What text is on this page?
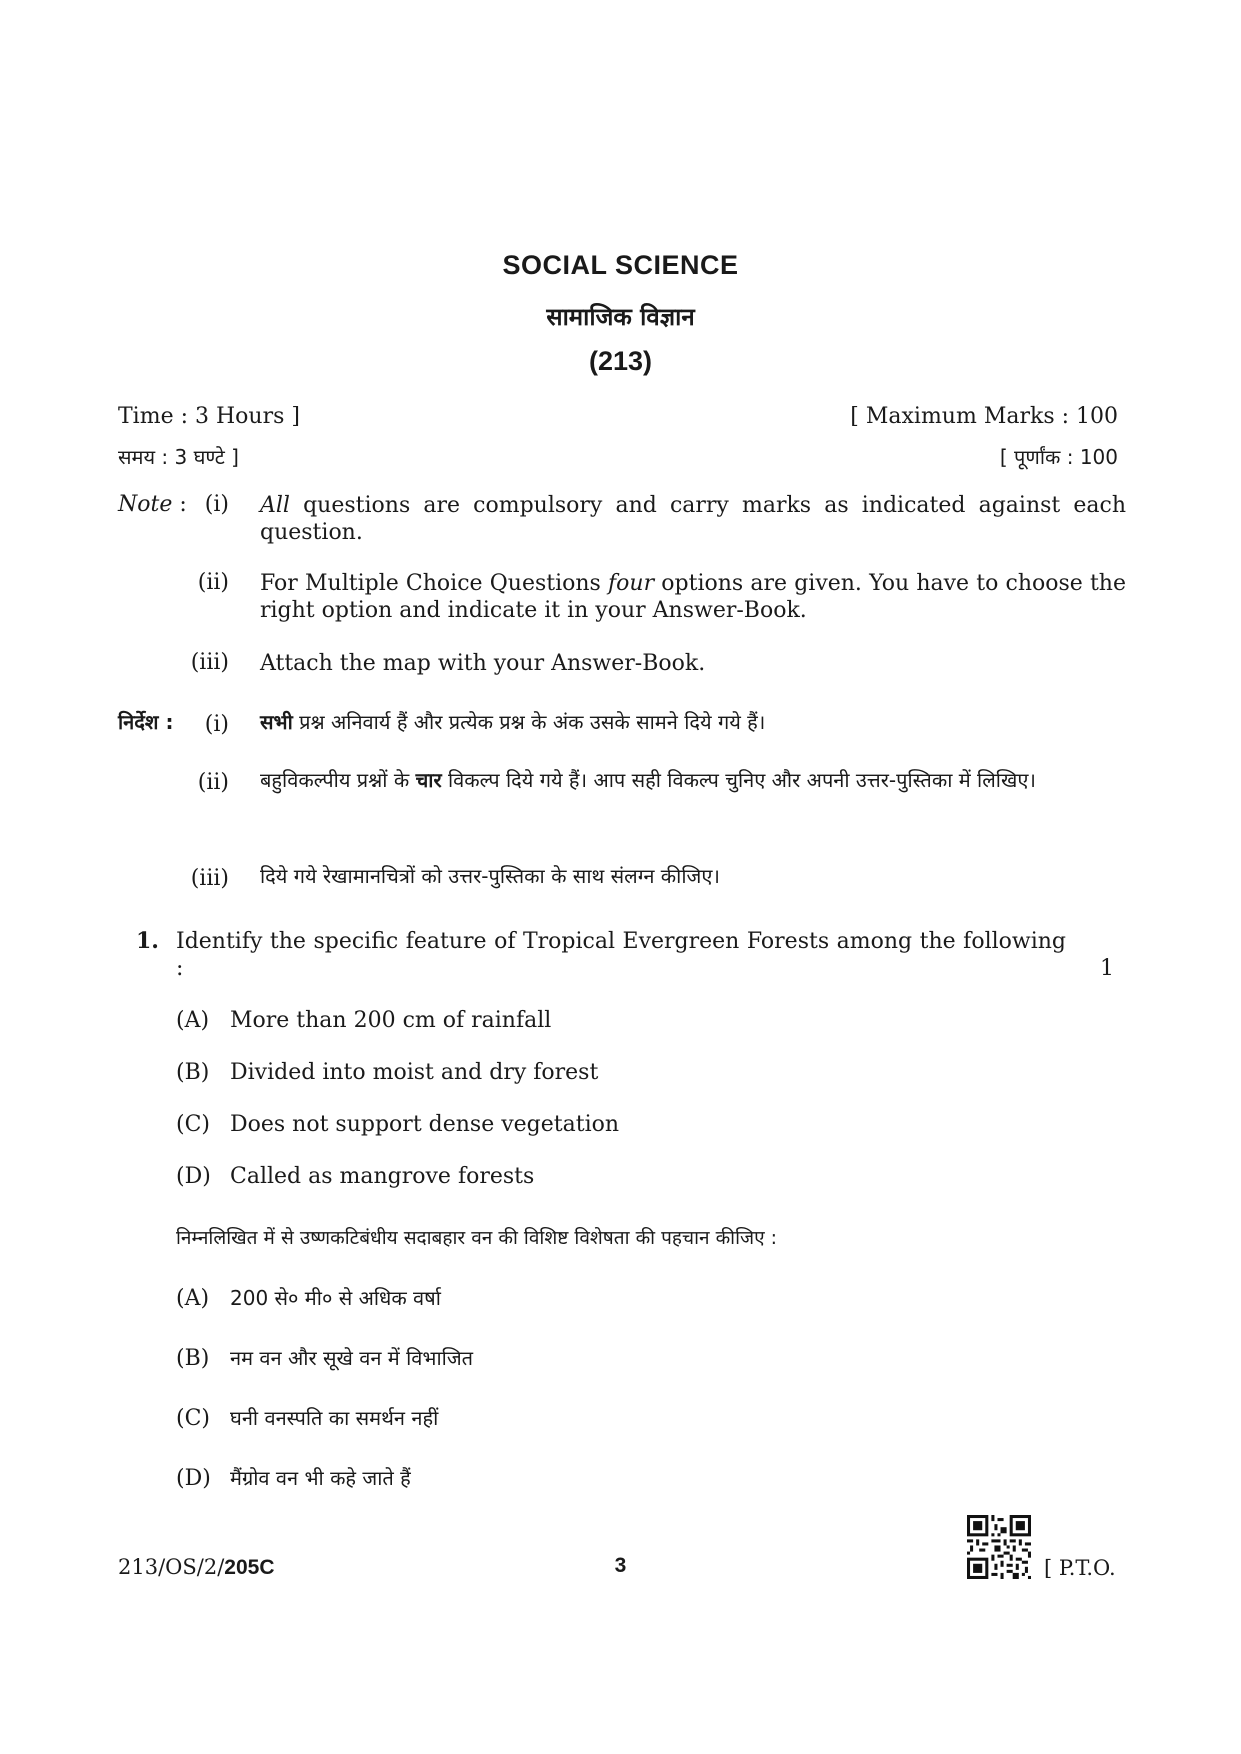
SOCIAL SCIENCE
सामाजिक विज्ञान
(213)
Time : 3 Hours ]	[ Maximum Marks : 100
समय : 3 घण्टे ]	[ पूर्णांक : 100
Note : (i) All questions are compulsory and carry marks as indicated against each question.
(ii) For Multiple Choice Questions four options are given. You have to choose the right option and indicate it in your Answer-Book.
(iii) Attach the map with your Answer-Book.
निर्देश :	(i) सभी प्रश्न अनिवार्य हैं और प्रत्येक प्रश्न के अंक उसके सामने दिये गये हैं।
(ii) बहुविकल्पीय प्रश्नों के चार विकल्प दिये गये हैं। आप सही विकल्प चुनिए और अपनी उत्तर-पुस्तिका में लिखिए।
(iii) दिये गये रेखामानचित्रों को उत्तर-पुस्तिका के साथ संलग्न कीजिए।
1. Identify the specific feature of Tropical Evergreen Forests among the following :	1
(A) More than 200 cm of rainfall
(B) Divided into moist and dry forest
(C) Does not support dense vegetation
(D) Called as mangrove forests
निम्नलिखित में से उष्णकटिबंधीय सदाबहार वन की विशिष्ट विशेषता की पहचान कीजिए :
(A) 200 से० मी० से अधिक वर्षा
(B) नम वन और सूखे वन में विभाजित
(C) घनी वनस्पति का समर्थन नहीं
(D) मैंग्रोव वन भी कहे जाते हैं
213/OS/2/205C	3	[ P.T.O.
